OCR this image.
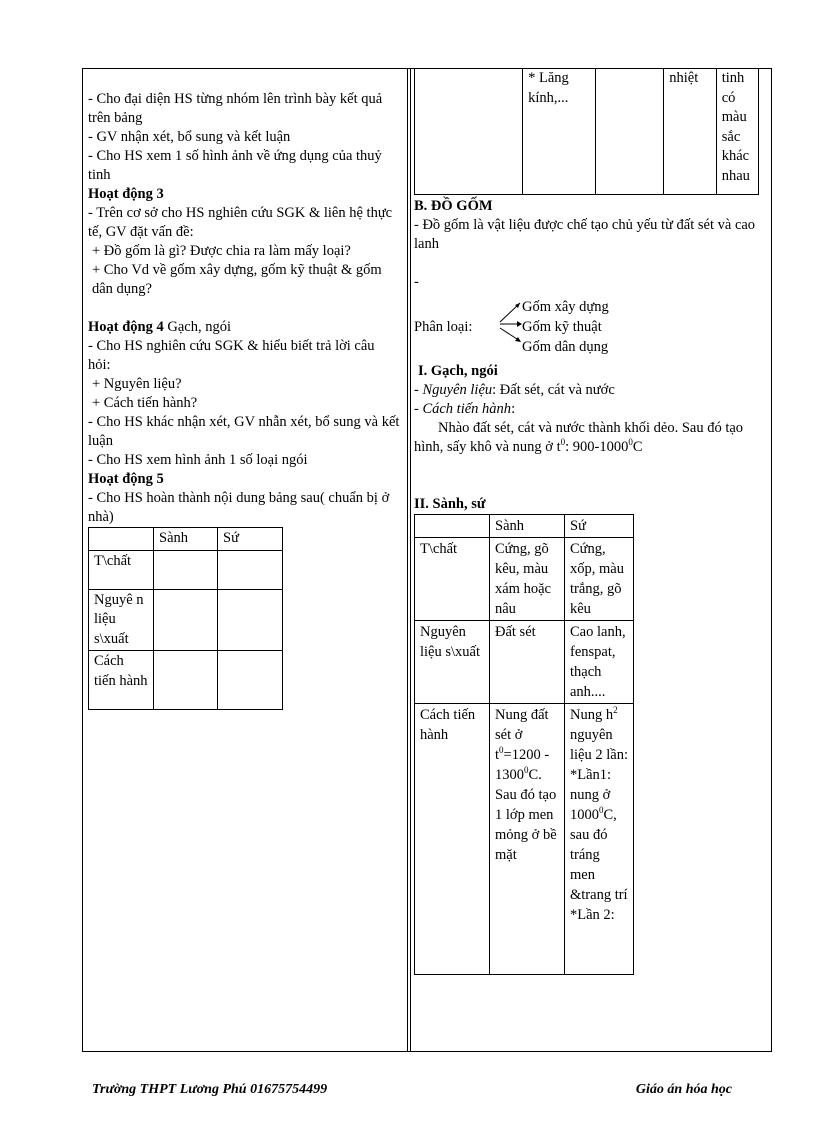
- Cho đại diện HS từng nhóm lên trình bày kết quả trên bảng

- GV nhận xét, bổ sung và kết luận

- Cho HS xem 1 số hình ảnh về ứng dụng của thuỷ tinh

Hoạt động 3

- Trên cơ sở cho HS nghiên cứu SGK & liên hệ thực tế, GV đặt vấn đề:

+ Đồ gốm là gì? Được chia ra làm mấy loại?

+ Cho Vd về gốm xây dựng, gốm kỹ thuật & gốm dân dụng?

Hoạt động 4 Gạch, ngói

- Cho HS nghiên cứu SGK & hiểu biết trả lời câu hỏi:

+ Nguyên liệu?

+ Cách tiến hành?

- Cho HS khác nhận xét, GV nhẫn xét, bổ sung và kết luận

- Cho HS xem hình ảnh 1 số loại ngói

Hoạt động 5

- Cho HS hoàn thành nội dung bảng sau( chuẩn bị ở nhà)

	Sành	Sứ
T\chất		
Nguyê n liệu s\xuất		
Cách tiến hành		
	* Lăng kính,...		nhiệt	tinh có màu sắc khác nhau

B. ĐỒ GỐM

- Đồ gốm là vật liệu được chế tạo chủ yếu từ đất sét và cao lanh

-

Phân loại:
Gốm xây dựng
Gốm kỹ thuật
Gốm dân dụng

I. Gạch, ngói

- Nguyên liệu: Đất sét, cát và nước

- Cách tiến hành:

Nhào đất sét, cát và nước thành khối dẻo. Sau đó tạo hình, sấy khô và nung ở $t^0$: 900-1000$^0$C

II. Sành, sứ

	Sành	Sứ
T\chất	Cứng, gõ kêu, màu xám hoặc nâu	Cứng, xốp, màu trắng, gõ kêu
Nguyên liệu s\xuất	Đất sét	Cao lanh, fenspat, thạch anh....
Cách tiến hành	Nung đất sét ở $t^0=1200 - 1300^0C$. Sau đó tạo 1 lớp men mỏng ở bề mặt	Nung $h^2$ nguyên liệu 2 lần: *Lần1: nung ở 1000$^0$C, sau đó tráng men &trang trí *Lần 2:
Trường THPT Lương Phú 01675754499	Giáo án hóa học
